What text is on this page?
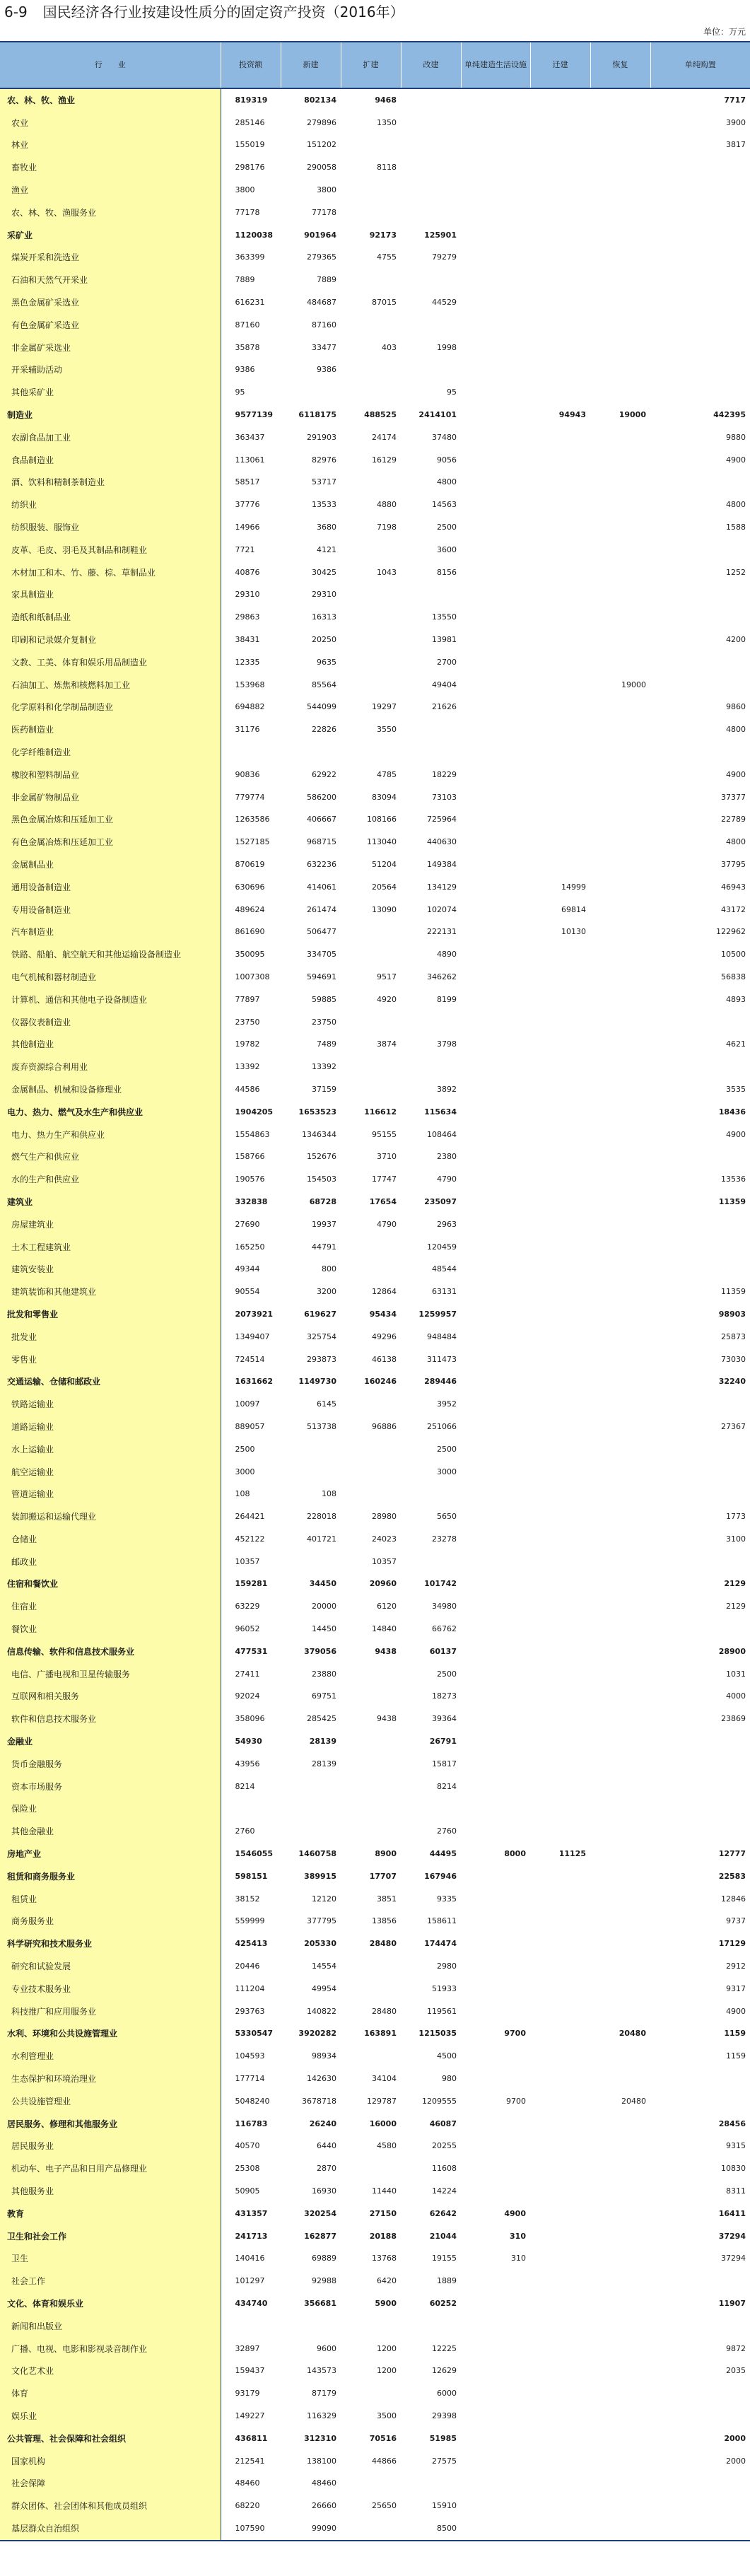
6-9 国民经济各行业按建设性质分的固定资产投资（2016年）
单位：万元
行　　业	投资额	新建	扩建	改建	单纯建造生活设施	迁建	恢复	单纯购置
农、林、牧、渔业	819319	802134	9468					7717
农业	285146	279896	1350					3900
林业	155019	151202						3817
畜牧业	298176	290058	8118					
渔业	3800	3800						
农、林、牧、渔服务业	77178	77178						
采矿业	1120038	901964	92173	125901				
煤炭开采和洗选业	363399	279365	4755	79279				
石油和天然气开采业	7889	7889						
黑色金属矿采选业	616231	484687	87015	44529				
有色金属矿采选业	87160	87160						
非金属矿采选业	35878	33477	403	1998				
开采辅助活动	9386	9386						
其他采矿业	95			95				
制造业	9577139	6118175	488525	2414101		94943	19000	442395
农副食品加工业	363437	291903	24174	37480				9880
食品制造业	113061	82976	16129	9056				4900
酒、饮料和精制茶制造业	58517	53717		4800				
纺织业	37776	13533	4880	14563				4800
纺织服装、服饰业	14966	3680	7198	2500				1588
皮革、毛皮、羽毛及其制品和制鞋业	7721	4121		3600				
木材加工和木、竹、藤、棕、草制品业	40876	30425	1043	8156				1252
家具制造业	29310	29310						
造纸和纸制品业	29863	16313		13550				
印刷和记录媒介复制业	38431	20250		13981				4200
文教、工美、体育和娱乐用品制造业	12335	9635		2700				
石油加工、炼焦和核燃料加工业	153968	85564		49404			19000	
化学原料和化学制品制造业	694882	544099	19297	21626				9860
医药制造业	31176	22826	3550					4800
化学纤维制造业								
橡胶和塑料制品业	90836	62922	4785	18229				4900
非金属矿物制品业	779774	586200	83094	73103				37377
黑色金属冶炼和压延加工业	1263586	406667	108166	725964				22789
有色金属冶炼和压延加工业	1527185	968715	113040	440630				4800
金属制品业	870619	632236	51204	149384				37795
通用设备制造业	630696	414061	20564	134129		14999		46943
专用设备制造业	489624	261474	13090	102074		69814		43172
汽车制造业	861690	506477		222131		10130		122962
铁路、船舶、航空航天和其他运输设备制造业	350095	334705		4890				10500
电气机械和器材制造业	1007308	594691	9517	346262				56838
计算机、通信和其他电子设备制造业	77897	59885	4920	8199				4893
仪器仪表制造业	23750	23750						
其他制造业	19782	7489	3874	3798				4621
废弃资源综合利用业	13392	13392						
金属制品、机械和设备修理业	44586	37159		3892				3535
电力、热力、燃气及水生产和供应业	1904205	1653523	116612	115634				18436
电力、热力生产和供应业	1554863	1346344	95155	108464				4900
燃气生产和供应业	158766	152676	3710	2380				
水的生产和供应业	190576	154503	17747	4790				13536
建筑业	332838	68728	17654	235097				11359
房屋建筑业	27690	19937	4790	2963				
土木工程建筑业	165250	44791		120459				
建筑安装业	49344	800		48544				
建筑装饰和其他建筑业	90554	3200	12864	63131				11359
批发和零售业	2073921	619627	95434	1259957				98903
批发业	1349407	325754	49296	948484				25873
零售业	724514	293873	46138	311473				73030
交通运输、仓储和邮政业	1631662	1149730	160246	289446				32240
铁路运输业	10097	6145		3952				
道路运输业	889057	513738	96886	251066				27367
水上运输业	2500			2500				
航空运输业	3000			3000				
管道运输业	108	108						
装卸搬运和运输代理业	264421	228018	28980	5650				1773
仓储业	452122	401721	24023	23278				3100
邮政业	10357		10357					
住宿和餐饮业	159281	34450	20960	101742				2129
住宿业	63229	20000	6120	34980				2129
餐饮业	96052	14450	14840	66762				
信息传输、软件和信息技术服务业	477531	379056	9438	60137				28900
电信、广播电视和卫星传输服务	27411	23880		2500				1031
互联网和相关服务	92024	69751		18273				4000
软件和信息技术服务业	358096	285425	9438	39364				23869
金融业	54930	28139		26791				
货币金融服务	43956	28139		15817				
资本市场服务	8214			8214				
保险业								
其他金融业	2760			2760				
房地产业	1546055	1460758	8900	44495	8000	11125		12777
租赁和商务服务业	598151	389915	17707	167946				22583
租赁业	38152	12120	3851	9335				12846
商务服务业	559999	377795	13856	158611				9737
科学研究和技术服务业	425413	205330	28480	174474				17129
研究和试验发展	20446	14554		2980				2912
专业技术服务业	111204	49954		51933				9317
科技推广和应用服务业	293763	140822	28480	119561				4900
水利、环境和公共设施管理业	5330547	3920282	163891	1215035	9700		20480	1159
水利管理业	104593	98934		4500				1159
生态保护和环境治理业	177714	142630	34104	980				
公共设施管理业	5048240	3678718	129787	1209555	9700		20480	
居民服务、修理和其他服务业	116783	26240	16000	46087				28456
居民服务业	40570	6440	4580	20255				9315
机动车、电子产品和日用产品修理业	25308	2870		11608				10830
其他服务业	50905	16930	11440	14224				8311
教育	431357	320254	27150	62642	4900			16411
卫生和社会工作	241713	162877	20188	21044	310			37294
卫生	140416	69889	13768	19155	310			37294
社会工作	101297	92988	6420	1889				
文化、体育和娱乐业	434740	356681	5900	60252				11907
新闻和出版业								
广播、电视、电影和影视录音制作业	32897	9600	1200	12225				9872
文化艺术业	159437	143573	1200	12629				2035
体育	93179	87179		6000				
娱乐业	149227	116329	3500	29398				
公共管理、社会保障和社会组织	436811	312310	70516	51985				2000
国家机构	212541	138100	44866	27575				2000
社会保障	48460	48460						
群众团体、社会团体和其他成员组织	68220	26660	25650	15910				
基层群众自治组织	107590	99090		8500				
